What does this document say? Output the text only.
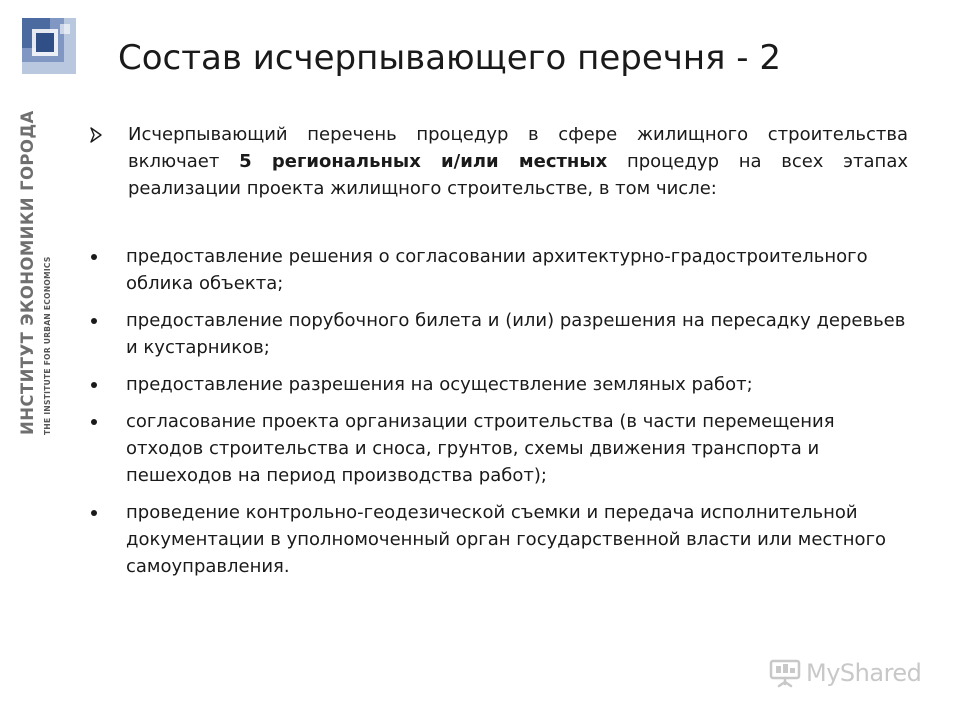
ИНСТИТУТ ЭКОНОМИКИ ГОРОДА THE INSTITUTE FOR URBAN ECONOMICS
Состав исчерпывающего перечня - 2

Исчерпывающий перечень процедур в сфере жилищного строительства включает 5 региональных и/или местных процедур на всех этапах реализации проекта жилищного строительстве, в том числе:

предоставление решения о согласовании архитектурно-градостроительного облика объекта;
предоставление порубочного билета и (или) разрешения на пересадку деревьев и кустарников;
предоставление разрешения на осуществление земляных работ;
согласование проекта организации строительства (в части перемещения отходов строительства и сноса, грунтов, схемы движения транспорта и пешеходов на период производства работ);
проведение контрольно-геодезической съемки и передача исполнительной документации в уполномоченный орган государственной власти или местного самоуправления.
MyShared
